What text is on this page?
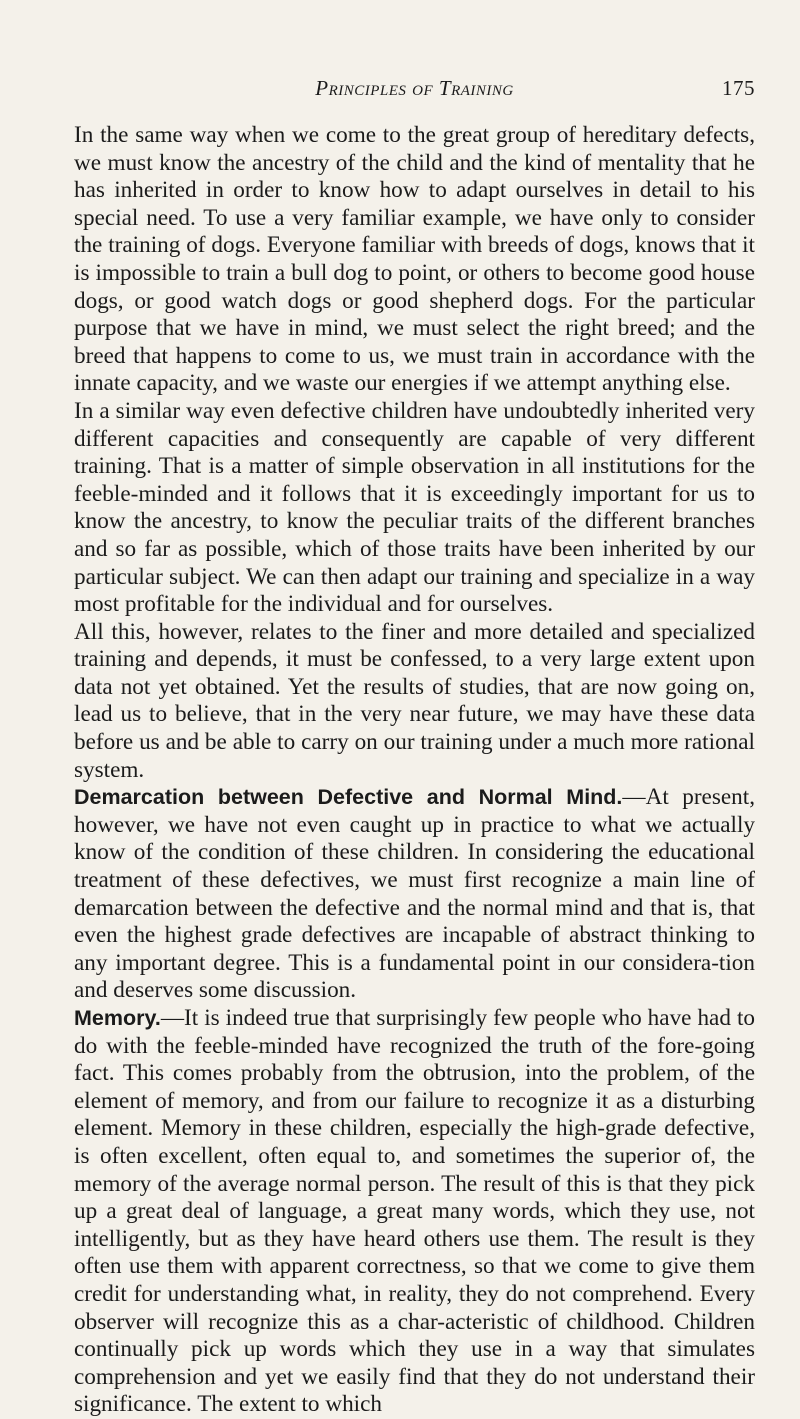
Principles of Training	175

In the same way when we come to the great group of hereditary defects, we must know the ancestry of the child and the kind of mentality that he has inherited in order to know how to adapt ourselves in detail to his special need. To use a very familiar example, we have only to consider the training of dogs. Everyone familiar with breeds of dogs, knows that it is impossible to train a bull dog to point, or others to become good house dogs, or good watch dogs or good shepherd dogs. For the particular purpose that we have in mind, we must select the right breed; and the breed that happens to come to us, we must train in accordance with the innate capacity, and we waste our energies if we attempt anything else.

In a similar way even defective children have undoubtedly inherited very different capacities and consequently are capable of very different training. That is a matter of simple observation in all institutions for the feeble-minded and it follows that it is exceedingly important for us to know the ancestry, to know the peculiar traits of the different branches and so far as possible, which of those traits have been inherited by our particular subject. We can then adapt our training and specialize in a way most profitable for the individual and for ourselves.

All this, however, relates to the finer and more detailed and specialized training and depends, it must be confessed, to a very large extent upon data not yet obtained. Yet the results of studies, that are now going on, lead us to believe, that in the very near future, we may have these data before us and be able to carry on our training under a much more rational system.

Demarcation between Defective and Normal Mind.—At present, however, we have not even caught up in practice to what we actually know of the condition of these children. In considering the educational treatment of these defectives, we must first recognize a main line of demarcation between the defective and the normal mind and that is, that even the highest grade defectives are incapable of abstract thinking to any important degree. This is a fundamental point in our considera-tion and deserves some discussion.

Memory.—It is indeed true that surprisingly few people who have had to do with the feeble-minded have recognized the truth of the fore-going fact. This comes probably from the obtrusion, into the problem, of the element of memory, and from our failure to recognize it as a disturbing element. Memory in these children, especially the high-grade defective, is often excellent, often equal to, and sometimes the superior of, the memory of the average normal person. The result of this is that they pick up a great deal of language, a great many words, which they use, not intelligently, but as they have heard others use them. The result is they often use them with apparent correctness, so that we come to give them credit for understanding what, in reality, they do not comprehend. Every observer will recognize this as a char-acteristic of childhood. Children continually pick up words which they use in a way that simulates comprehension and yet we easily find that they do not understand their significance. The extent to which
